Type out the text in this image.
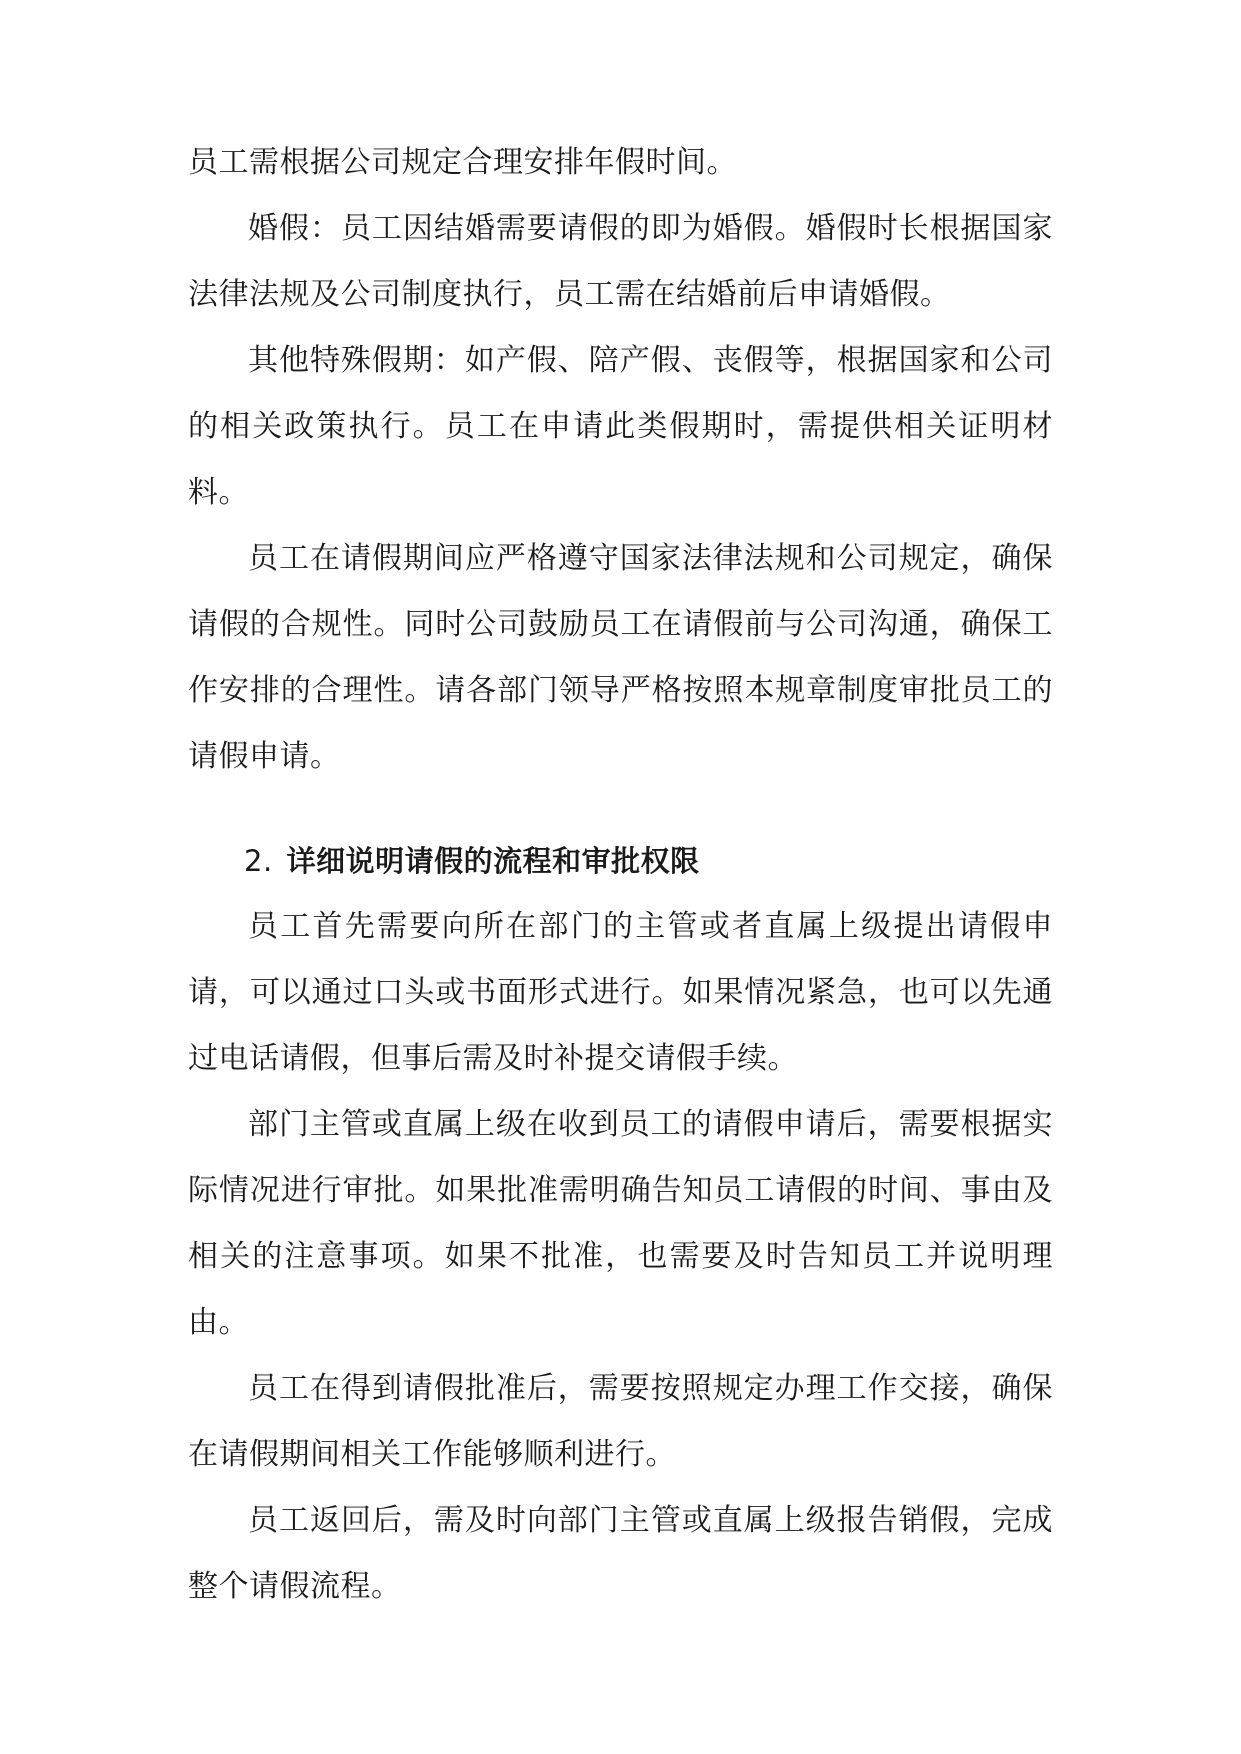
员工需根据公司规定合理安排年假时间。

婚假：员工因结婚需要请假的即为婚假。婚假时长根据国家法律法规及公司制度执行，员工需在结婚前后申请婚假。

其他特殊假期：如产假、陪产假、丧假等，根据国家和公司的相关政策执行。员工在申请此类假期时，需提供相关证明材料。

员工在请假期间应严格遵守国家法律法规和公司规定，确保请假的合规性。同时公司鼓励员工在请假前与公司沟通，确保工作安排的合理性。请各部门领导严格按照本规章制度审批员工的请假申请。

2. 详细说明请假的流程和审批权限

员工首先需要向所在部门的主管或者直属上级提出请假申请，可以通过口头或书面形式进行。如果情况紧急，也可以先通过电话请假，但事后需及时补提交请假手续。

部门主管或直属上级在收到员工的请假申请后，需要根据实际情况进行审批。如果批准需明确告知员工请假的时间、事由及相关的注意事项。如果不批准，也需要及时告知员工并说明理由。

员工在得到请假批准后，需要按照规定办理工作交接，确保在请假期间相关工作能够顺利进行。

员工返回后，需及时向部门主管或直属上级报告销假，完成整个请假流程。
